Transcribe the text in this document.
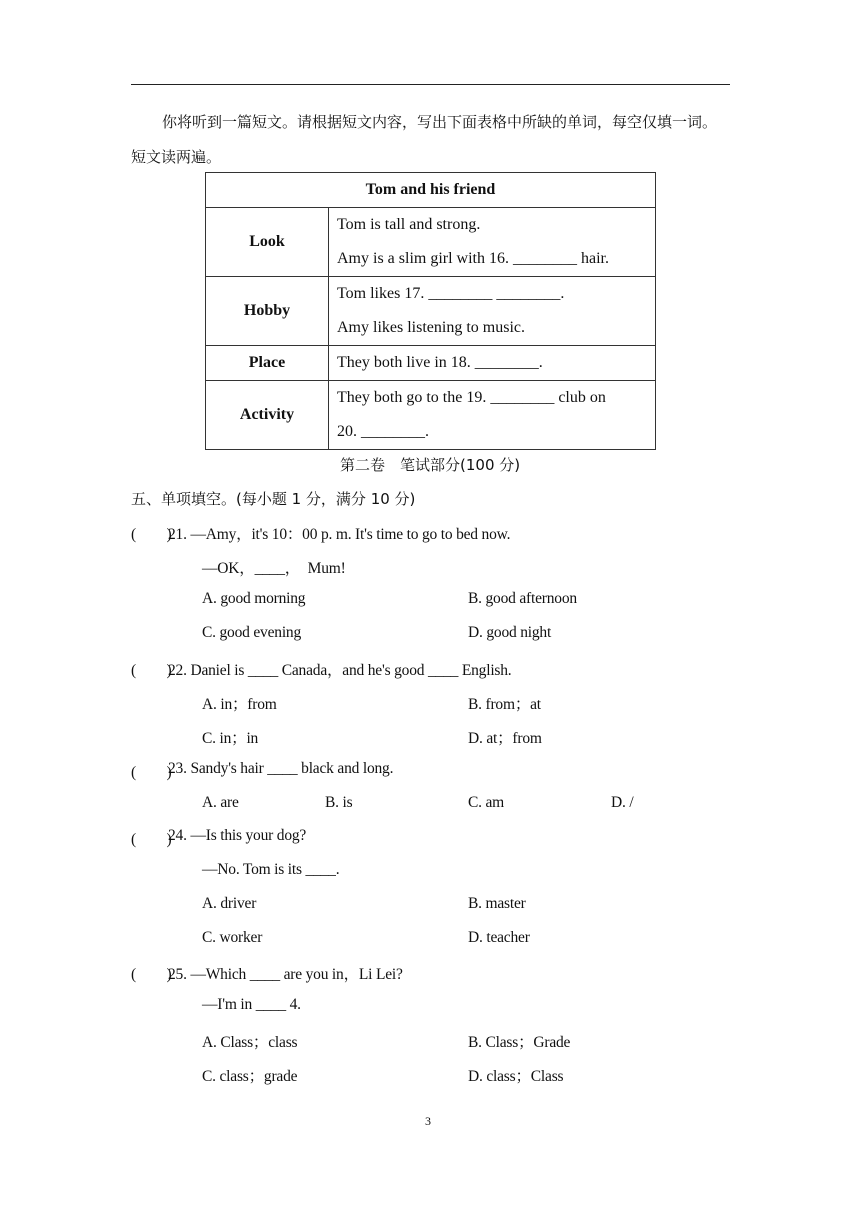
你将听到一篇短文。请根据短文内容，写出下面表格中所缺的单词，每空仅填一词。
短文读两遍。
Tom and his friend	
Look	Tom is tall and strong.
Amy is a slim girl with 16. ________ hair.

Hobby	Tom likes 17. ________ ________.
Amy likes listening to music.

Place	They both live in 18. ________.

Activity	They both go to the 19. ________ club on
20. ________.
第二卷　笔试部分(100 分)
五、单项填空。(每小题 1 分，满分 10 分)
(　　)
21. —Amy，it's 10：00 p. m. It's time to go to bed now.
—OK，____，　Mum!
A. good morning	B. good afternoon
C. good evening	D. good night
(　　)
22. Daniel is ____ Canada，and he's good ____ English.
A. in；from	B. from；at
C. in；in	D. at；from
(　　)
23. Sandy's hair ____ black and long.
A. are	B. is	C. am	D. /
(　　)
24. —Is this your dog?
—No. Tom is its ____.
A. driver	B. master
C. worker	D. teacher
(　　)
25. —Which ____ are you in，Li Lei?
—I'm in ____ 4.
A. Class；class	B. Class；Grade
C. class；grade	D. class；Class
3
